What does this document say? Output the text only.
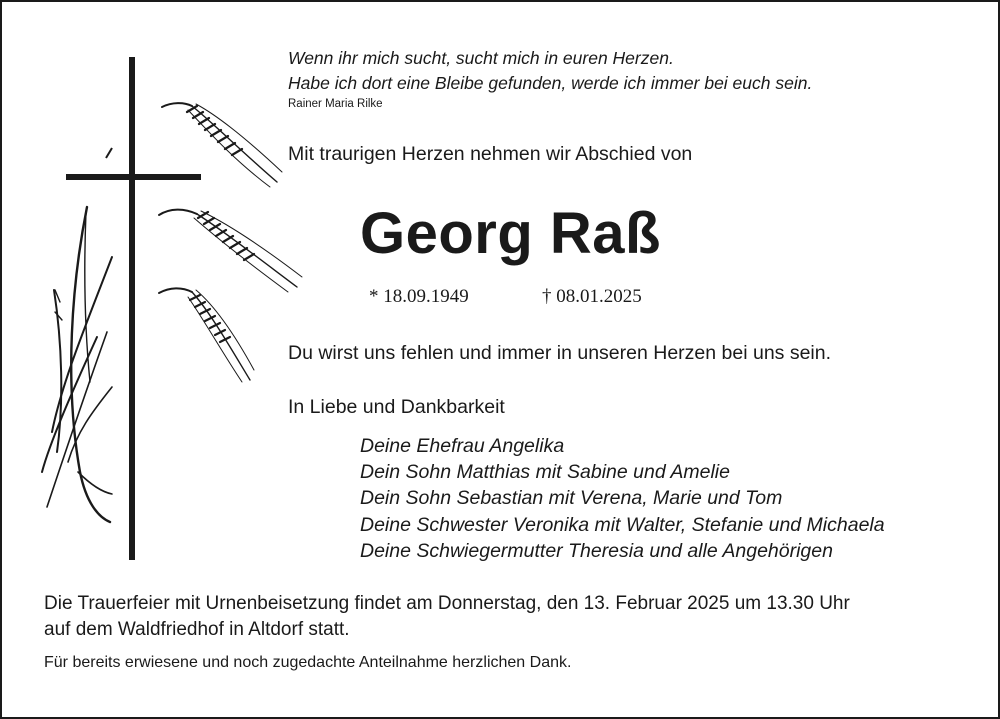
Wenn ihr mich sucht, sucht mich in euren Herzen.

Habe ich dort eine Bleibe gefunden, werde ich immer bei euch sein.

Rainer Maria Rilke

Mit traurigen Herzen nehmen wir Abschied von

Georg Raß

* 18.09.1949	† 08.01.2025

Du wirst uns fehlen und immer in unseren Herzen bei uns sein.

In Liebe und Dankbarkeit

Deine Ehefrau Angelika

Dein Sohn Matthias mit Sabine und Amelie

Dein Sohn Sebastian mit Verena, Marie und Tom

Deine Schwester Veronika mit Walter, Stefanie und Michaela

Deine Schwiegermutter Theresia und alle Angehörigen

Die Trauerfeier mit Urnenbeisetzung findet am Donnerstag, den 13. Februar 2025 um 13.30 Uhr

auf dem Waldfriedhof in Altdorf statt.

Für bereits erwiesene und noch zugedachte Anteilnahme herzlichen Dank.
